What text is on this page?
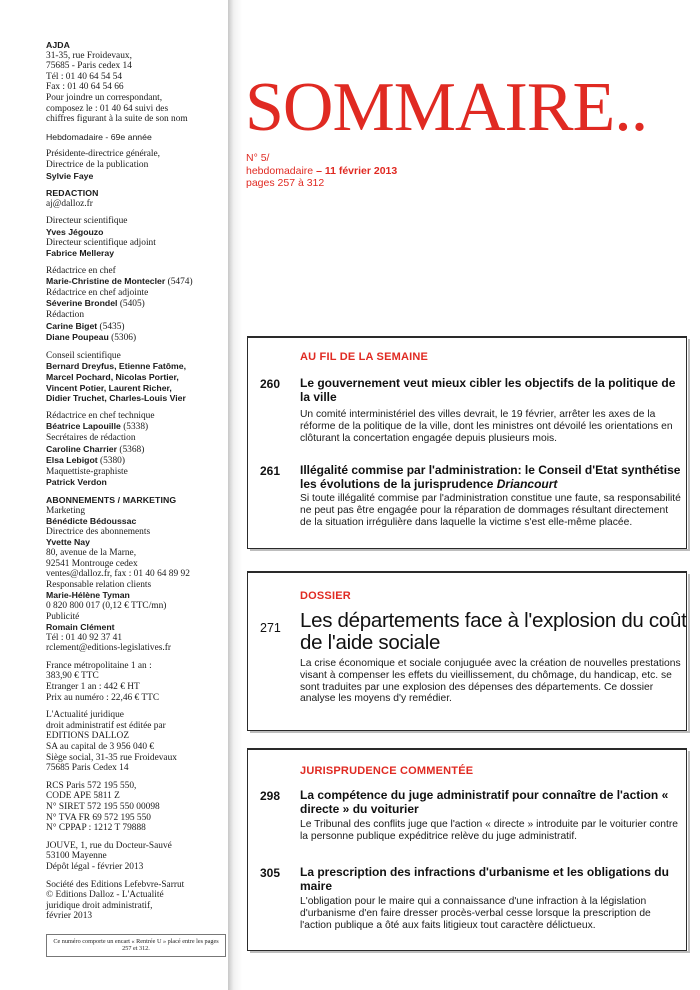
AJDA
31-35, rue Froidevaux,
75685 - Paris cedex 14
Tél : 01 40 64 54 54
Fax : 01 40 64 54 66
Pour joindre un correspondant,
composez le : 01 40 64 suivi des
chiffres figurant à la suite de son nom
Hebdomadaire - 69e année
Présidente-directrice générale,
Directrice de la publication
Sylvie Faye
REDACTION
aj@dalloz.fr
Directeur scientifique
Yves Jégouzo
Directeur scientifique adjoint
Fabrice Melleray
Rédactrice en chef
Marie-Christine de Montecler (5474)
Rédactrice en chef adjointe
Séverine Brondel (5405)
Rédaction
Carine Biget (5435)
Diane Poupeau (5306)
Conseil scientifique
Bernard Dreyfus, Etienne Fatôme,
Marcel Pochard, Nicolas Portier,
Vincent Potier, Laurent Richer,
Didier Truchet, Charles-Louis Vier
Rédactrice en chef technique
Béatrice Lapouille (5338)
Secrétaires de rédaction
Caroline Charrier (5368)
Elsa Lebigot (5380)
Maquettiste-graphiste
Patrick Verdon
ABONNEMENTS / MARKETING
Marketing
Bénédicte Bédoussac
Directrice des abonnements
Yvette Nay
80, avenue de la Marne,
92541 Montrouge cedex
ventes@dalloz.fr, fax : 01 40 64 89 92
Responsable relation clients
Marie-Hélène Tyman
0 820 800 017 (0,12 € TTC/mn)
Publicité
Romain Clément
Tél : 01 40 92 37 41
rclement@editions-legislatives.fr
France métropolitaine 1 an :
383,90 € TTC
Etranger 1 an : 442 € HT
Prix au numéro : 22,46 € TTC
L'Actualité juridique
droit administratif est éditée par
EDITIONS DALLOZ
SA au capital de 3 956 040 €
Siège social, 31-35 rue Froidevaux
75685 Paris Cedex 14
RCS Paris 572 195 550,
CODE APE 5811 Z
N° SIRET 572 195 550 00098
N° TVA FR 69 572 195 550
N° CPPAP : 1212 T 79888
JOUVE, 1, rue du Docteur-Sauvé
53100 Mayenne
Dépôt légal - février 2013
Société des Editions Lefebvre-Sarrut
© Editions Dalloz - L'Actualité
juridique droit administratif,
février 2013
Ce numéro comporte un encart « Rentrée U » placé entre les pages 257 et 312.
SOMMAIRE..
N° 5/
hebdomadaire – 11 février 2013
pages 257 à 312
AU FIL DE LA SEMAINE
260 Le gouvernement veut mieux cibler les objectifs de la politique de la ville
Un comité interministériel des villes devrait, le 19 février, arrêter les axes de la réforme de la politique de la ville, dont les ministres ont dévoilé les orientations en clôturant la concertation engagée depuis plusieurs mois.
261 Illégalité commise par l'administration: le Conseil d'Etat synthétise les évolutions de la jurisprudence Driancourt
Si toute illégalité commise par l'administration constitue une faute, sa responsabilité ne peut pas être engagée pour la réparation de dommages résultant directement de la situation irrégulière dans laquelle la victime s'est elle-même placée.
DOSSIER
271 Les départements face à l'explosion du coût de l'aide sociale
La crise économique et sociale conjuguée avec la création de nouvelles prestations visant à compenser les effets du vieillissement, du chômage, du handicap, etc. se sont traduites par une explosion des dépenses des départements. Ce dossier analyse les moyens d'y remédier.
JURISPRUDENCE COMMENTÉE
298 La compétence du juge administratif pour connaître de l'action « directe » du voiturier
Le Tribunal des conflits juge que l'action « directe » introduite par le voiturier contre la personne publique expéditrice relève du juge administratif.
305 La prescription des infractions d'urbanisme et les obligations du maire
L'obligation pour le maire qui a connaissance d'une infraction à la législation d'urbanisme d'en faire dresser procès-verbal cesse lorsque la prescription de l'action publique a ôté aux faits litigieux tout caractère délictueux.
